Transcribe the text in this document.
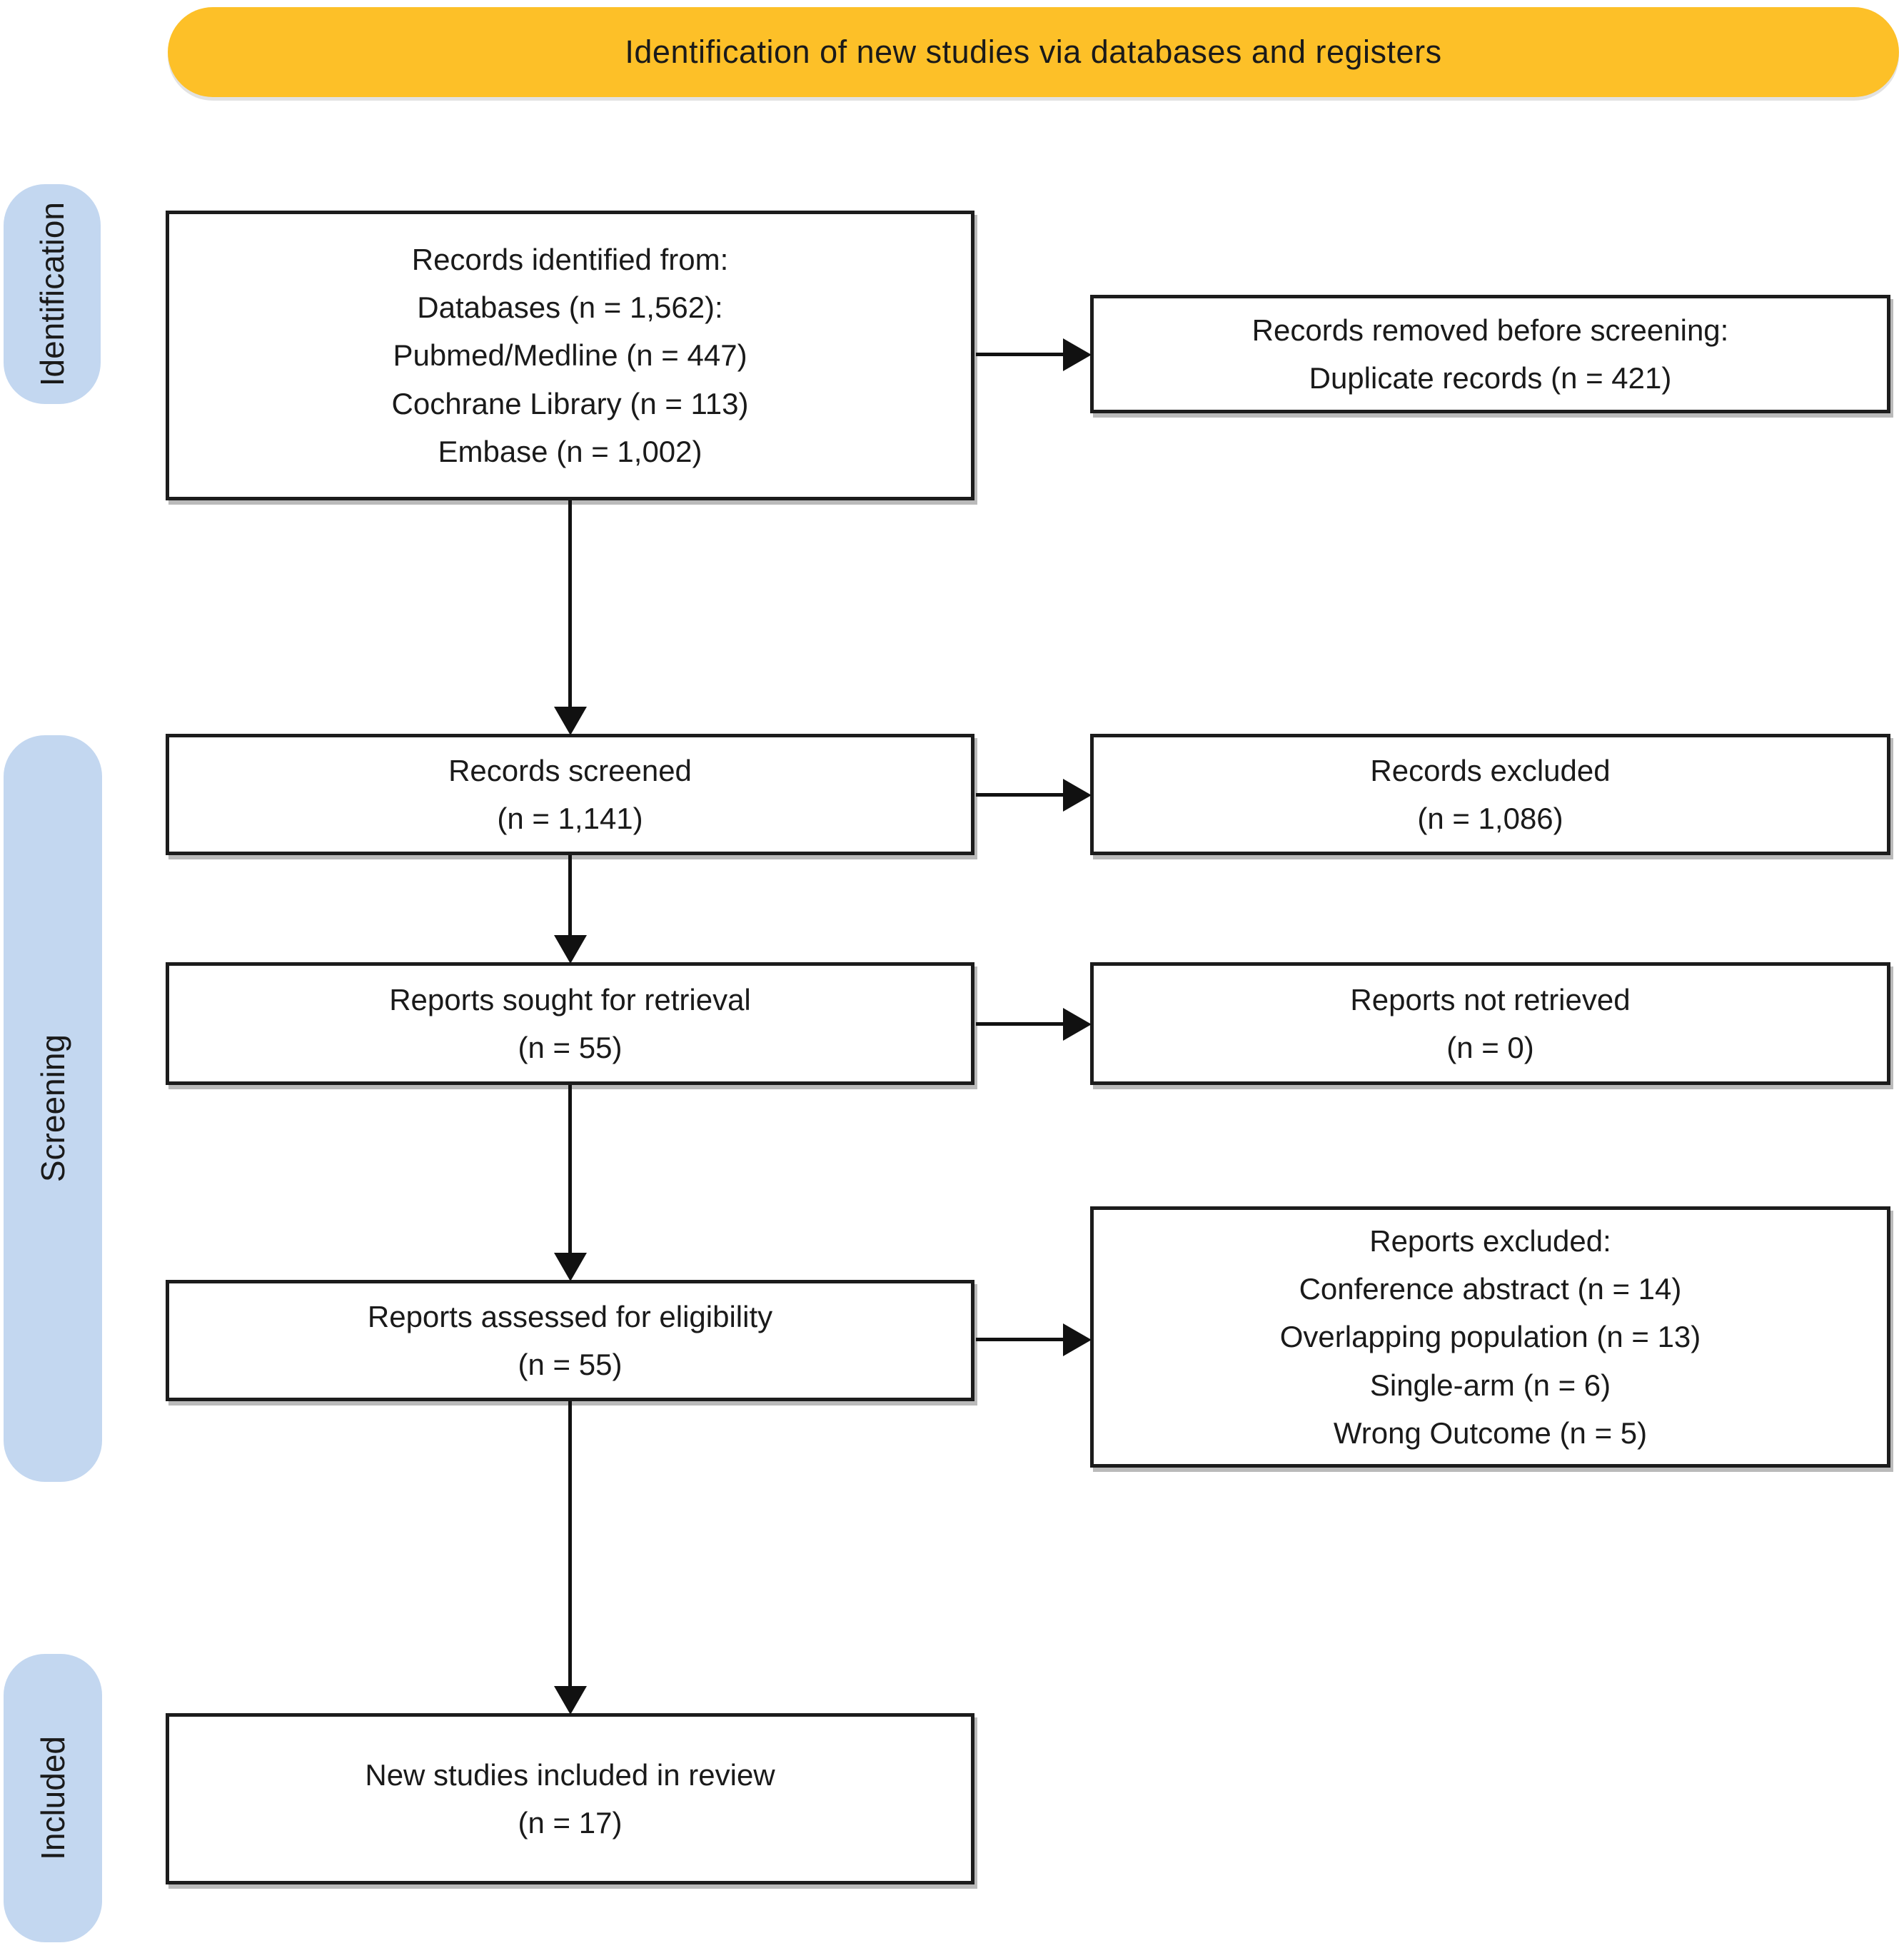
Identification of new studies via databases and registers
Identification
Screening
Included
Records identified from:
Databases (n = 1,562):
Pubmed/Medline (n = 447)
Cochrane Library (n = 113)
Embase (n = 1,002)
Records screened
(n = 1,141)
Reports sought for retrieval
(n = 55)
Reports assessed for eligibility
(n = 55)
New studies included in review
(n = 17)
Records removed before screening:
Duplicate records (n = 421)
Records excluded
(n = 1,086)
Reports not retrieved
(n = 0)
Reports excluded:
Conference abstract (n = 14)
Overlapping population (n = 13)
Single-arm (n = 6)
Wrong Outcome (n = 5)
